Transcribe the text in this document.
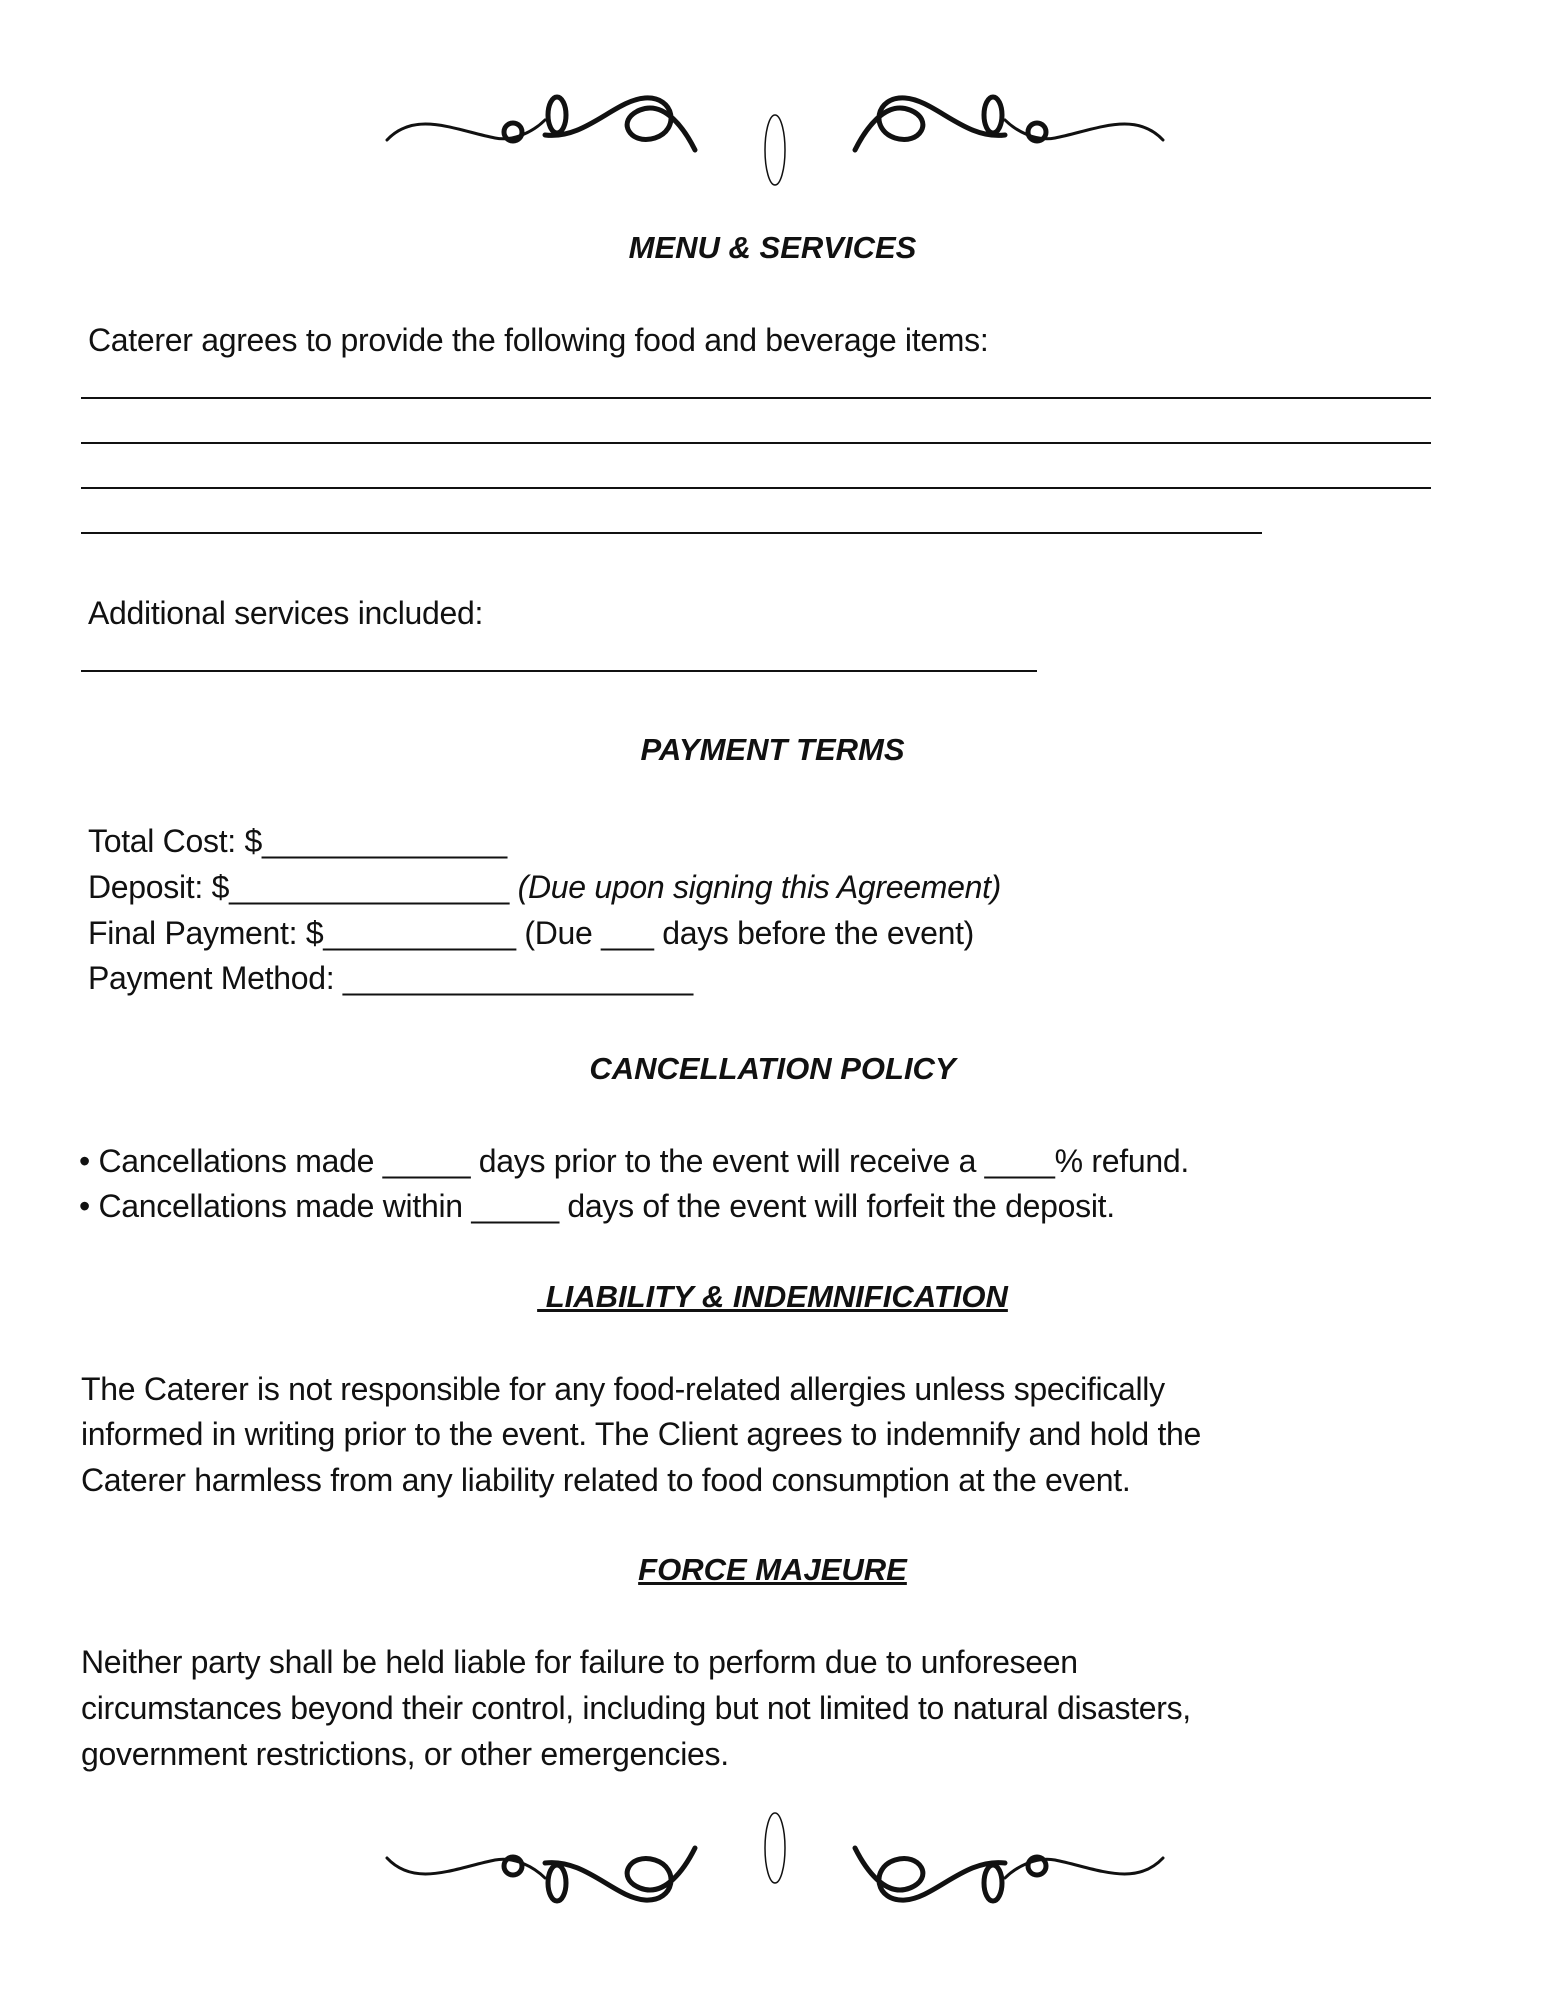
MENU & SERVICES
Caterer agrees to provide the following food and beverage items:
Additional services included:
PAYMENT TERMS
Total Cost: $______________
Deposit: $________________ (Due upon signing this Agreement)
Final Payment: $___________ (Due ___ days before the event)
Payment Method: ____________________
CANCELLATION POLICY
• Cancellations made _____ days prior to the event will receive a ____% refund.
• Cancellations made within _____ days of the event will forfeit the deposit.
LIABILITY & INDEMNIFICATION
The Caterer is not responsible for any food-related allergies unless specifically
informed in writing prior to the event. The Client agrees to indemnify and hold the
Caterer harmless from any liability related to food consumption at the event.
FORCE MAJEURE
Neither party shall be held liable for failure to perform due to unforeseen
circumstances beyond their control, including but not limited to natural disasters,
government restrictions, or other emergencies.
